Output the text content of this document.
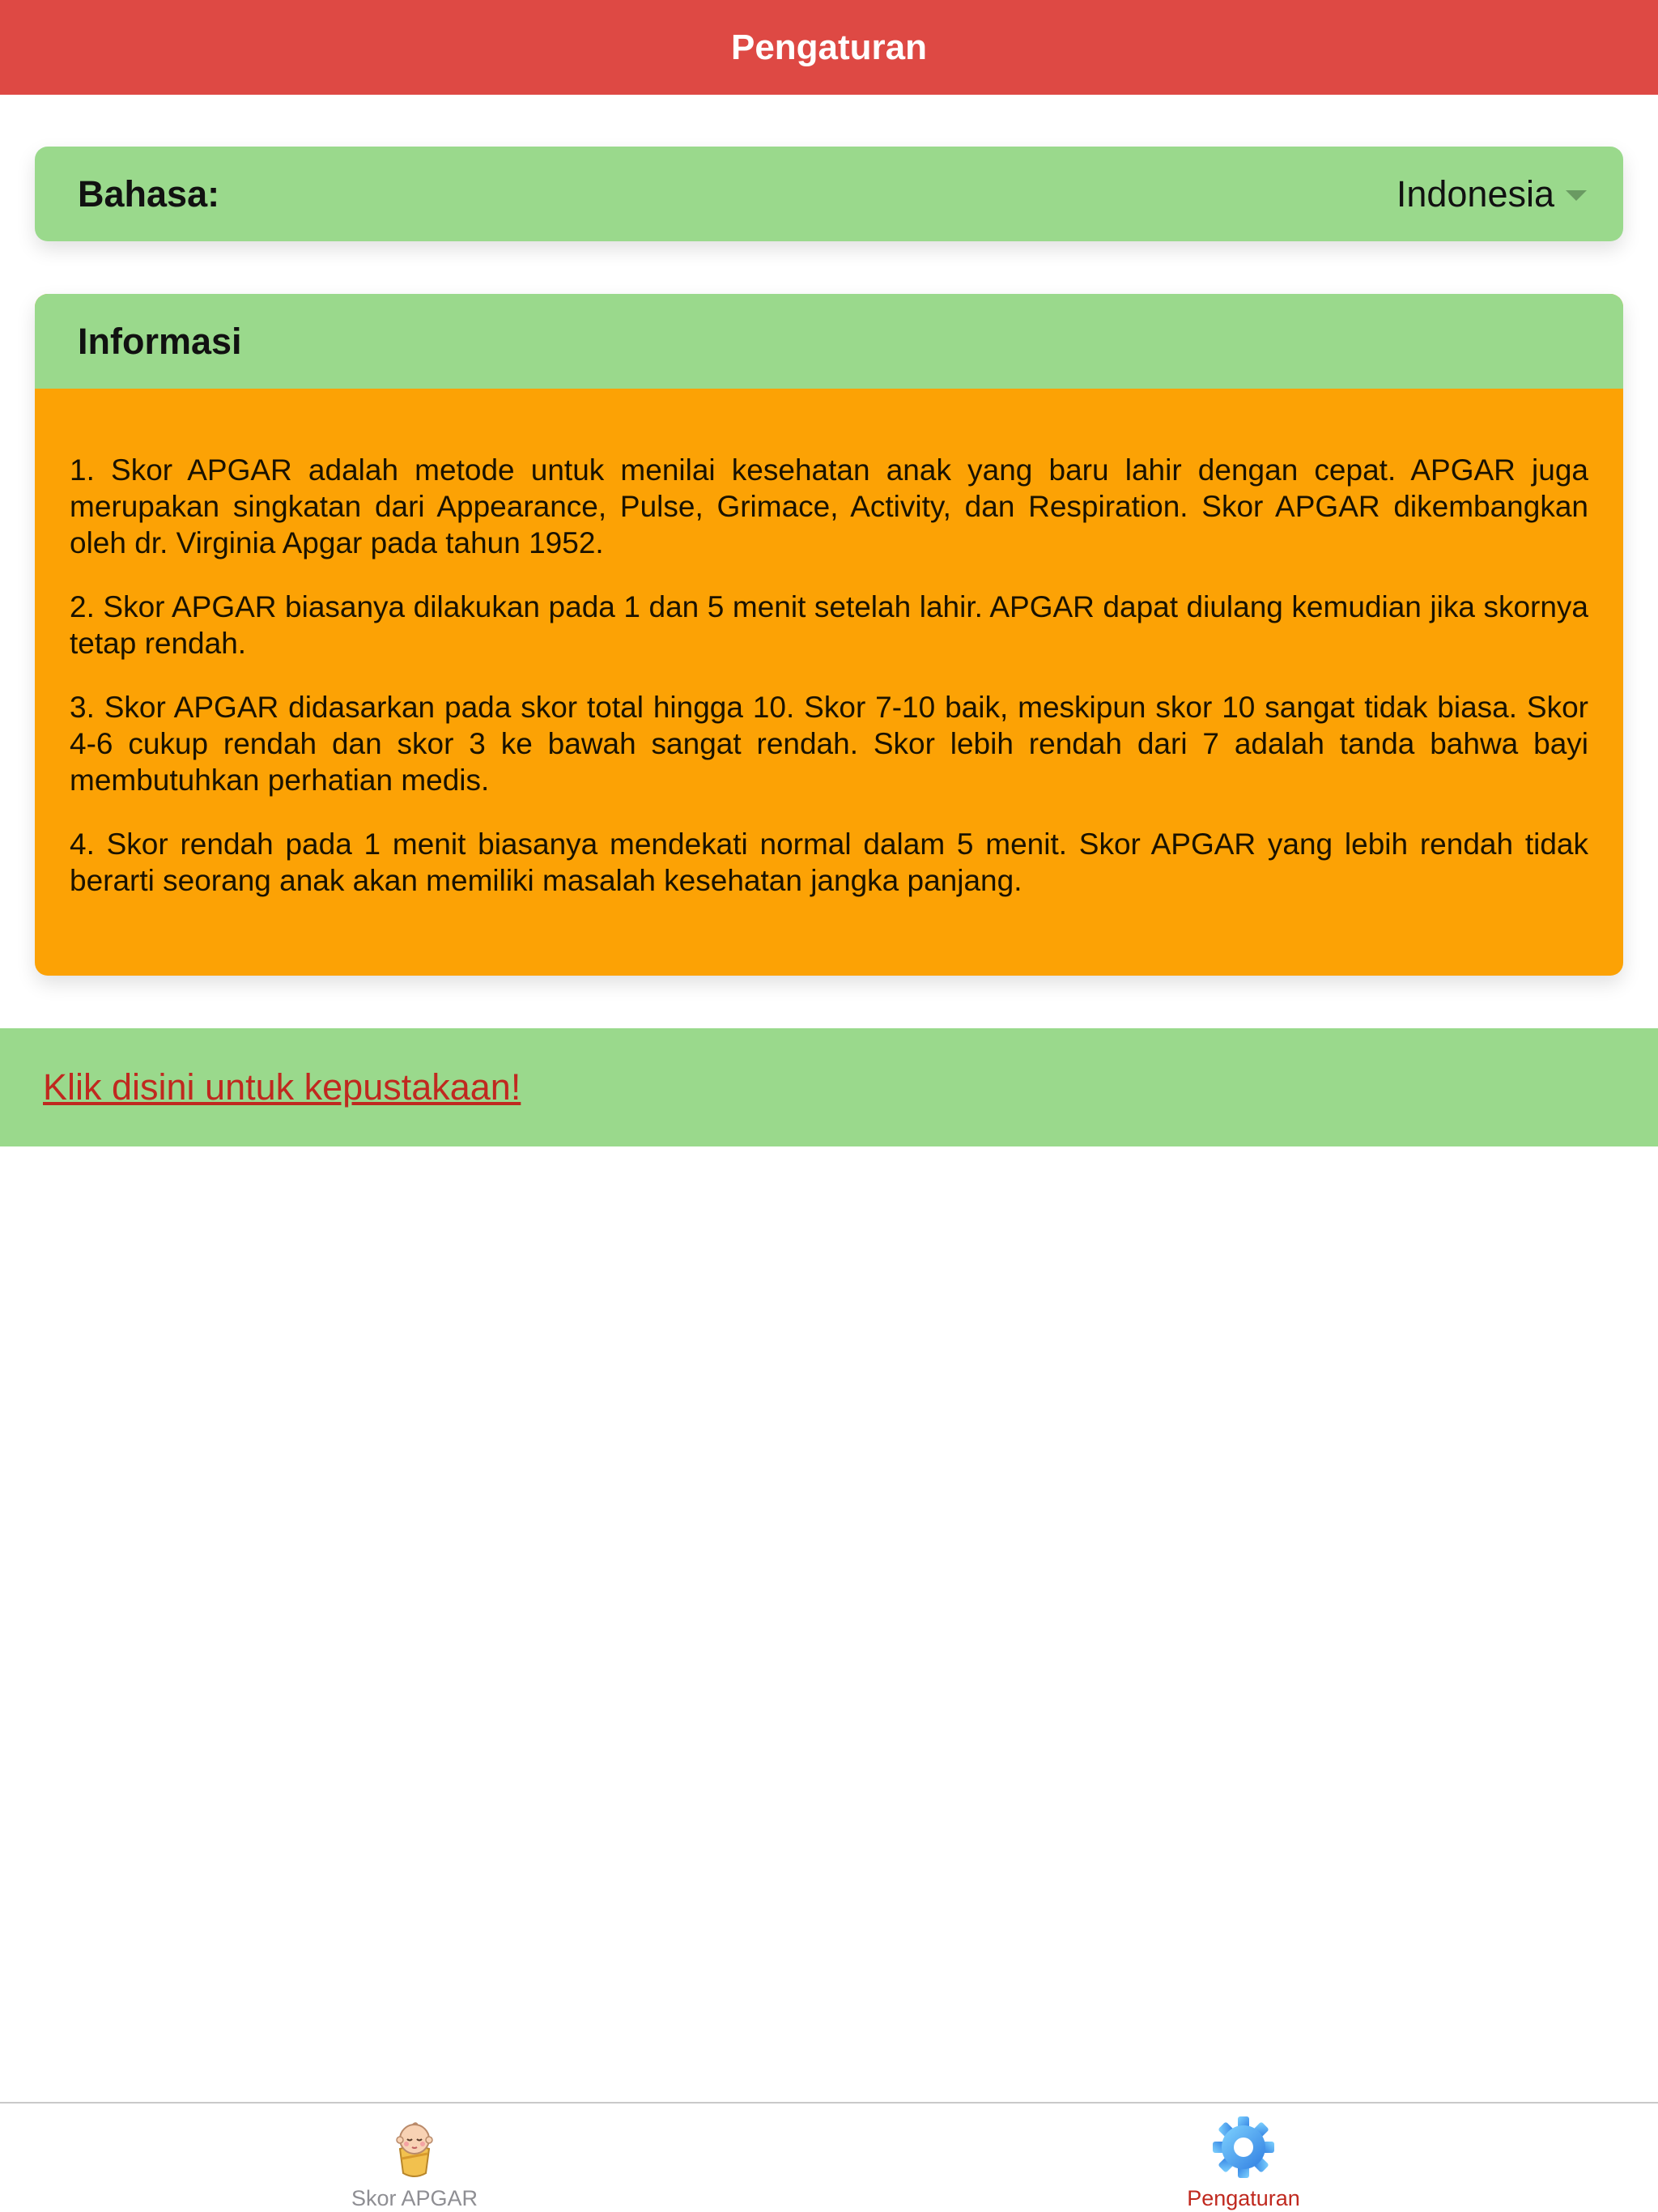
Pengaturan
Bahasa:	Indonesia
Informasi

1. Skor APGAR adalah metode untuk menilai kesehatan anak yang baru lahir dengan cepat. APGAR juga merupakan singkatan dari Appearance, Pulse, Grimace, Activity, dan Respiration. Skor APGAR dikembangkan oleh dr. Virginia Apgar pada tahun 1952.

2. Skor APGAR biasanya dilakukan pada 1 dan 5 menit setelah lahir. APGAR dapat diulang kemudian jika skornya tetap rendah.

3. Skor APGAR didasarkan pada skor total hingga 10. Skor 7-10 baik, meskipun skor 10 sangat tidak biasa. Skor 4-6 cukup rendah dan skor 3 ke bawah sangat rendah. Skor lebih rendah dari 7 adalah tanda bahwa bayi membutuhkan perhatian medis.

4. Skor rendah pada 1 menit biasanya mendekati normal dalam 5 menit. Skor APGAR yang lebih rendah tidak berarti seorang anak akan memiliki masalah kesehatan jangka panjang.

Klik disini untuk kepustakaan!
Skor APGAR	Pengaturan
